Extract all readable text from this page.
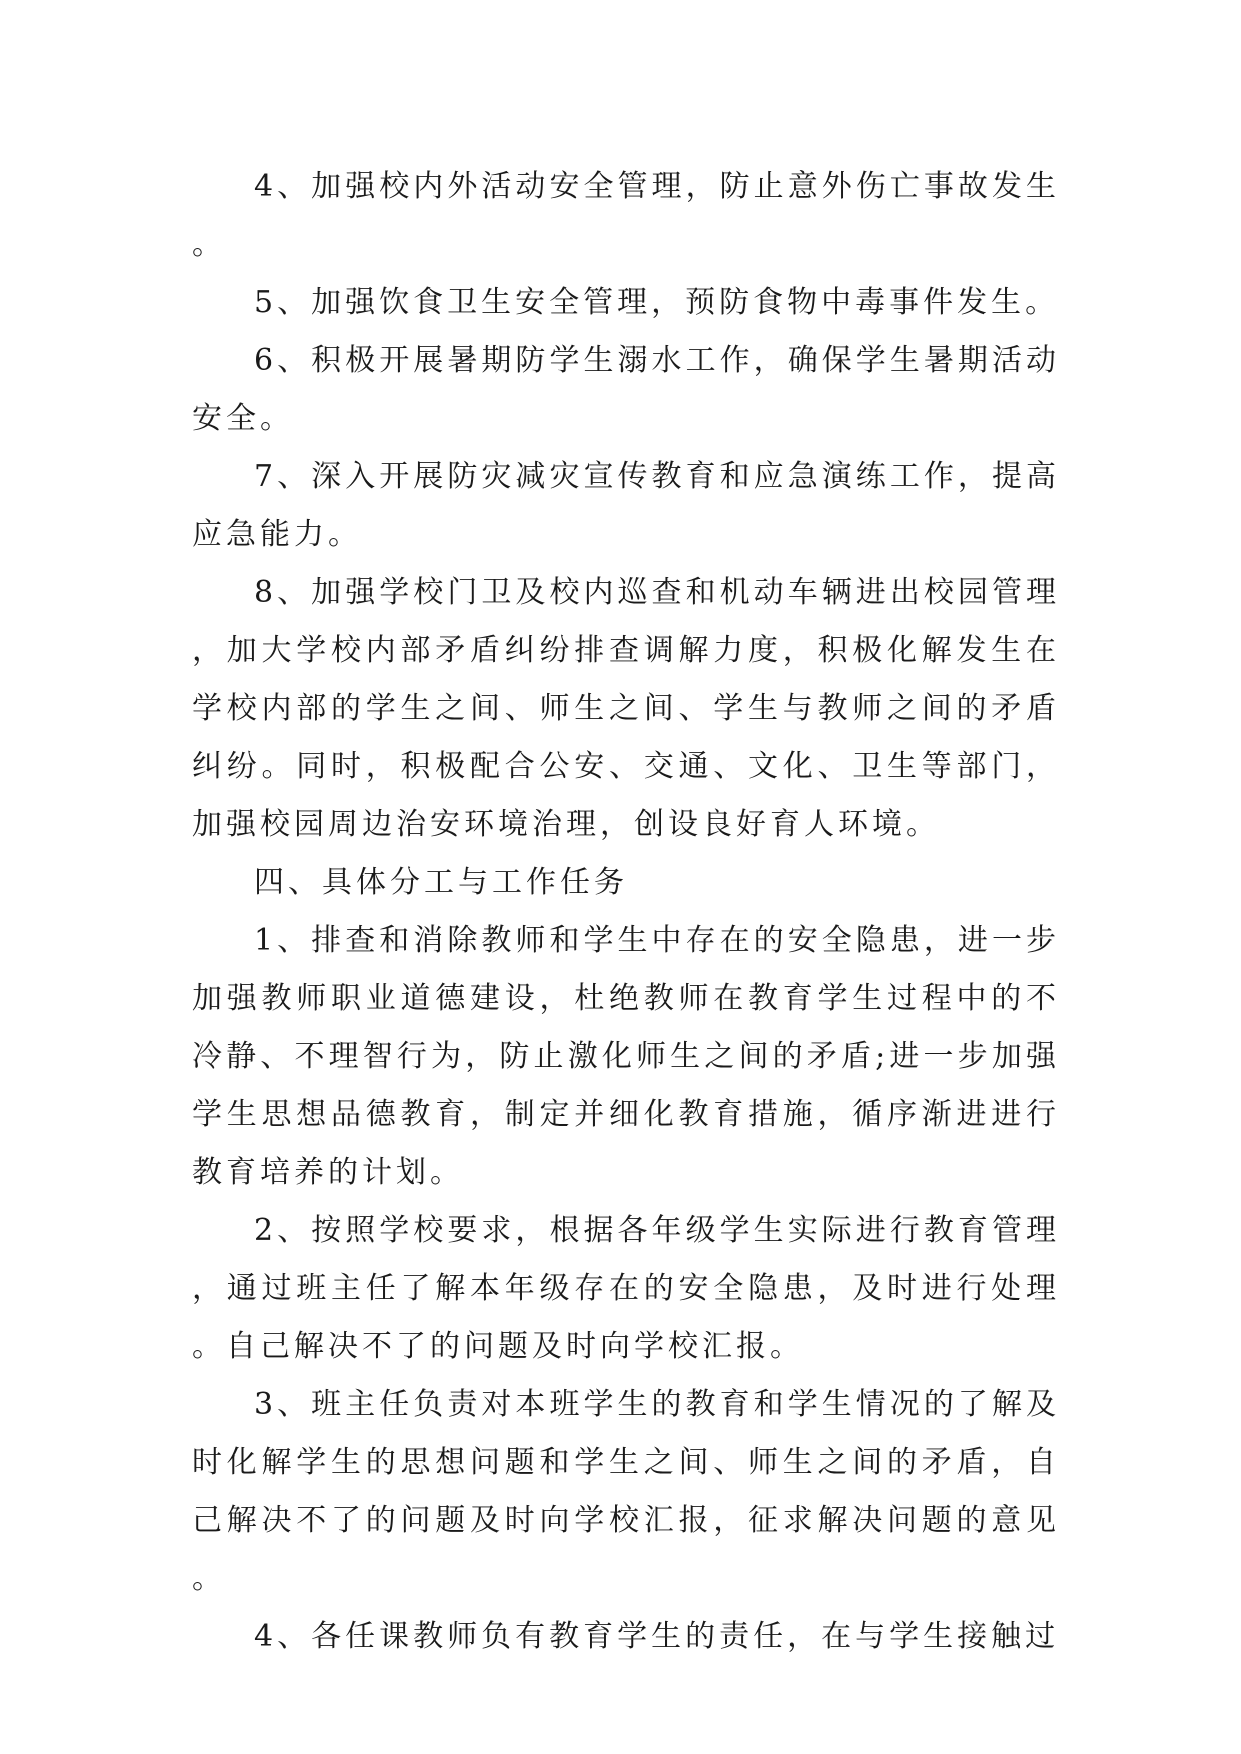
4、加强校内外活动安全管理，防止意外伤亡事故发生。

5、加强饮食卫生安全管理，预防食物中毒事件发生。

6、积极开展暑期防学生溺水工作，确保学生暑期活动安全。

7、深入开展防灾减灾宣传教育和应急演练工作，提高应急能力。

8、加强学校门卫及校内巡查和机动车辆进出校园管理，加大学校内部矛盾纠纷排查调解力度，积极化解发生在学校内部的学生之间、师生之间、学生与教师之间的矛盾纠纷。同时，积极配合公安、交通、文化、卫生等部门，加强校园周边治安环境治理，创设良好育人环境。

四、具体分工与工作任务

1、排查和消除教师和学生中存在的安全隐患，进一步加强教师职业道德建设，杜绝教师在教育学生过程中的不冷静、不理智行为，防止激化师生之间的矛盾;进一步加强学生思想品德教育，制定并细化教育措施，循序渐进进行教育培养的计划。

2、按照学校要求，根据各年级学生实际进行教育管理，通过班主任了解本年级存在的安全隐患，及时进行处理。自己解决不了的问题及时向学校汇报。

3、班主任负责对本班学生的教育和学生情况的了解及时化解学生的思想问题和学生之间、师生之间的矛盾，自己解决不了的问题及时向学校汇报，征求解决问题的意见。

4、各任课教师负有教育学生的责任，在与学生接触过
